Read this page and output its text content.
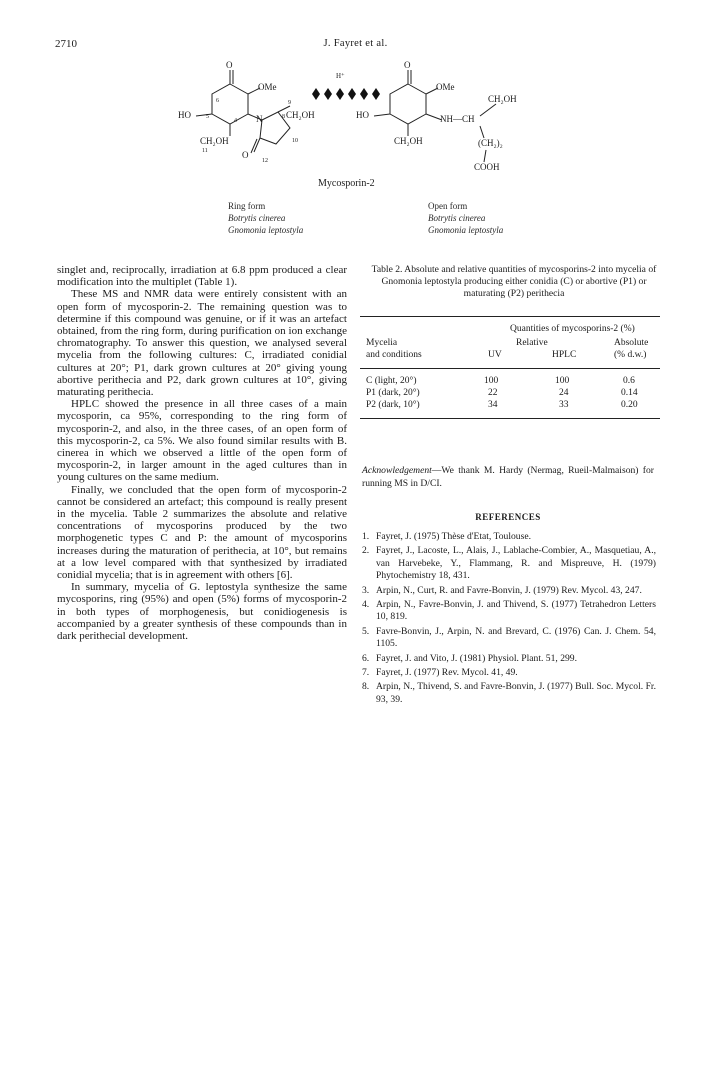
2710	J. Fayret et al.
O
OMe
HO	N	CH₂OH
CH₂OH
O
6
5
4
9
8
11
10
12
H⁺
O
OMe
HO	NH—CH
CH₂OH
CH₂OH	(CH₂)₂
COOH
Mycosporin-2
Ring form
Botrytis cinerea
Gnomonia leptostyla
Open form
Botrytis cinerea
Gnomonia leptostyla

singlet and, reciprocally, irradiation at 6.8 ppm produced a clear modification into the multiplet (Table 1).

These MS and NMR data were entirely consistent with an open form of mycosporin-2. The remaining question was to determine if this compound was genuine, or if it was an artefact obtained, from the ring form, during purification on ion exchange chromatography. To answer this question, we analysed several mycelia from the following cultures: C, irradiated conidial cultures at 20°; P1, dark grown cultures at 20° giving young abortive perithecia and P2, dark grown cultures at 10°, giving maturating perithecia.

HPLC showed the presence in all three cases of a main mycosporin, ca 95%, corresponding to the ring form of mycosporin-2, and also, in the three cases, of an open form of this mycosporin-2, ca 5%. We also found similar results with B. cinerea in which we observed a little of the open form of mycosporin-2, in larger amount in the aged cultures than in young cultures on the same medium.

Finally, we concluded that the open form of mycosporin-2 cannot be considered an artefact; this compound is really present in the mycelia. Table 2 summarizes the absolute and relative concentrations of mycosporins produced by the two morphogenetic types C and P: the amount of mycosporins increases during the maturation of perithecia, at 10°, but remains at a low level compared with that synthesized by irradiated conidial mycelia; that is in agreement with others [6].

In summary, mycelia of G. leptostyla synthesize the same mycosporins, ring (95%) and open (5%) forms of mycosporin-2 in both types of morphogenesis, but conidiogenesis is accompanied by a greater synthesis of these compounds than in dark perithecial development.

Table 2. Absolute and relative quantities of mycosporins-2 into mycelia of Gnomonia leptostyla producing either conidia (C) or abortive (P1) or maturating (P2) perithecia
Quantities of mycosporins-2 (%)
Mycelia	Relative	Absolute
and conditions	UV	HPLC	(% d.w.)
C (light, 20°)	100	100	0.6
P1 (dark, 20°)	22	24	0.14
P2 (dark, 10°)	34	33	0.20
Acknowledgement—We thank M. Hardy (Nermag, Rueil-Malmaison) for running MS in D/CI.
REFERENCES
1. Fayret, J. (1975) Thèse d'Etat, Toulouse.
2. Fayret, J., Lacoste, L., Alais, J., Lablache-Combier, A., Masquetiau, A., van Harvebeke, Y., Flammang, R. and Mispreuve, H. (1979) Phytochemistry 18, 431.
3. Arpin, N., Curt, R. and Favre-Bonvin, J. (1979) Rev. Mycol. 43, 247.
4. Arpin, N., Favre-Bonvin, J. and Thivend, S. (1977) Tetrahedron Letters 10, 819.
5. Favre-Bonvin, J., Arpin, N. and Brevard, C. (1976) Can. J. Chem. 54, 1105.
6. Fayret, J. and Vito, J. (1981) Physiol. Plant. 51, 299.
7. Fayret, J. (1977) Rev. Mycol. 41, 49.
8. Arpin, N., Thivend, S. and Favre-Bonvin, J. (1977) Bull. Soc. Mycol. Fr. 93, 39.
